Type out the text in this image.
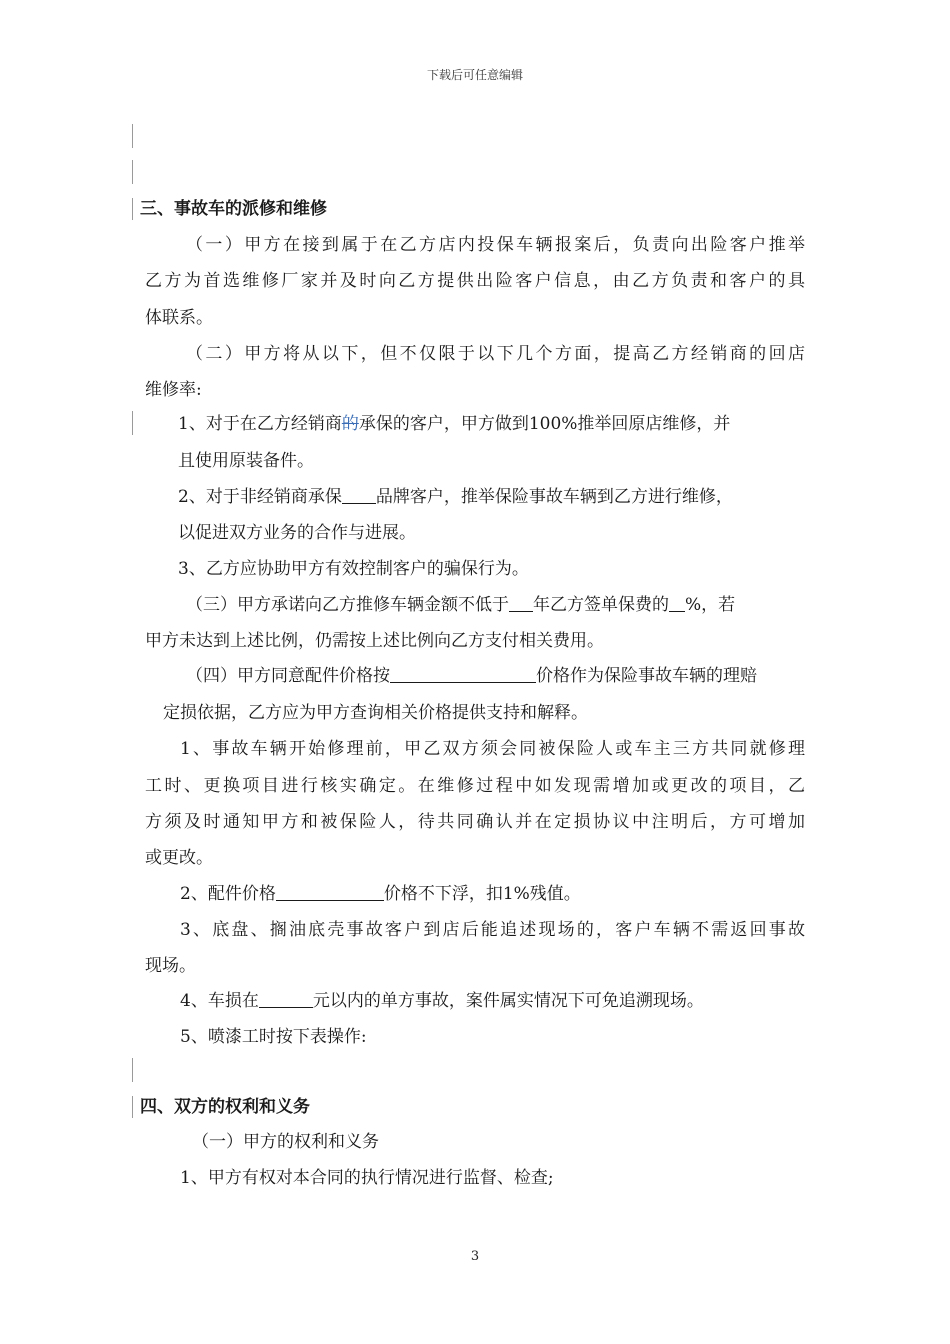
下载后可任意编辑
三、事故车的派修和维修
（一）甲方在接到属于在乙方店内投保车辆报案后，负责向出险客户推举
乙方为首选维修厂家并及时向乙方提供出险客户信息，由乙方负责和客户的具
体联系。
（二）甲方将从以下，但不仅限于以下几个方面，提高乙方经销商的回店
维修率:
1、对于在乙方经销商的承保的客户，甲方做到100%推举回原店维修，并
且使用原装备件。
2、对于非经销商承保 品牌客户，推举保险事故车辆到乙方进行维修，
以促进双方业务的合作与进展。
3、乙方应协助甲方有效控制客户的骗保行为。
（三）甲方承诺向乙方推修车辆金额不低于 年乙方签单保费的 %，若
甲方未达到上述比例，仍需按上述比例向乙方支付相关费用。
（四）甲方同意配件价格按	价格作为保险事故车辆的理赔
定损依据，乙方应为甲方查询相关价格提供支持和解释。
1、事故车辆开始修理前，甲乙双方须会同被保险人或车主三方共同就修理
工时、更换项目进行核实确定。在维修过程中如发现需增加或更改的项目，乙
方须及时通知甲方和被保险人，待共同确认并在定损协议中注明后，方可增加
或更改。
2、配件价格	价格不下浮，扣1%残值。
3、底盘、搁油底壳事故客户到店后能追述现场的，客户车辆不需返回事故
现场。
4、车损在	元以内的单方事故，案件属实情况下可免追溯现场。
5、喷漆工时按下表操作:
四、双方的权利和义务
（一）甲方的权利和义务
1、甲方有权对本合同的执行情况进行监督、检查;
3
